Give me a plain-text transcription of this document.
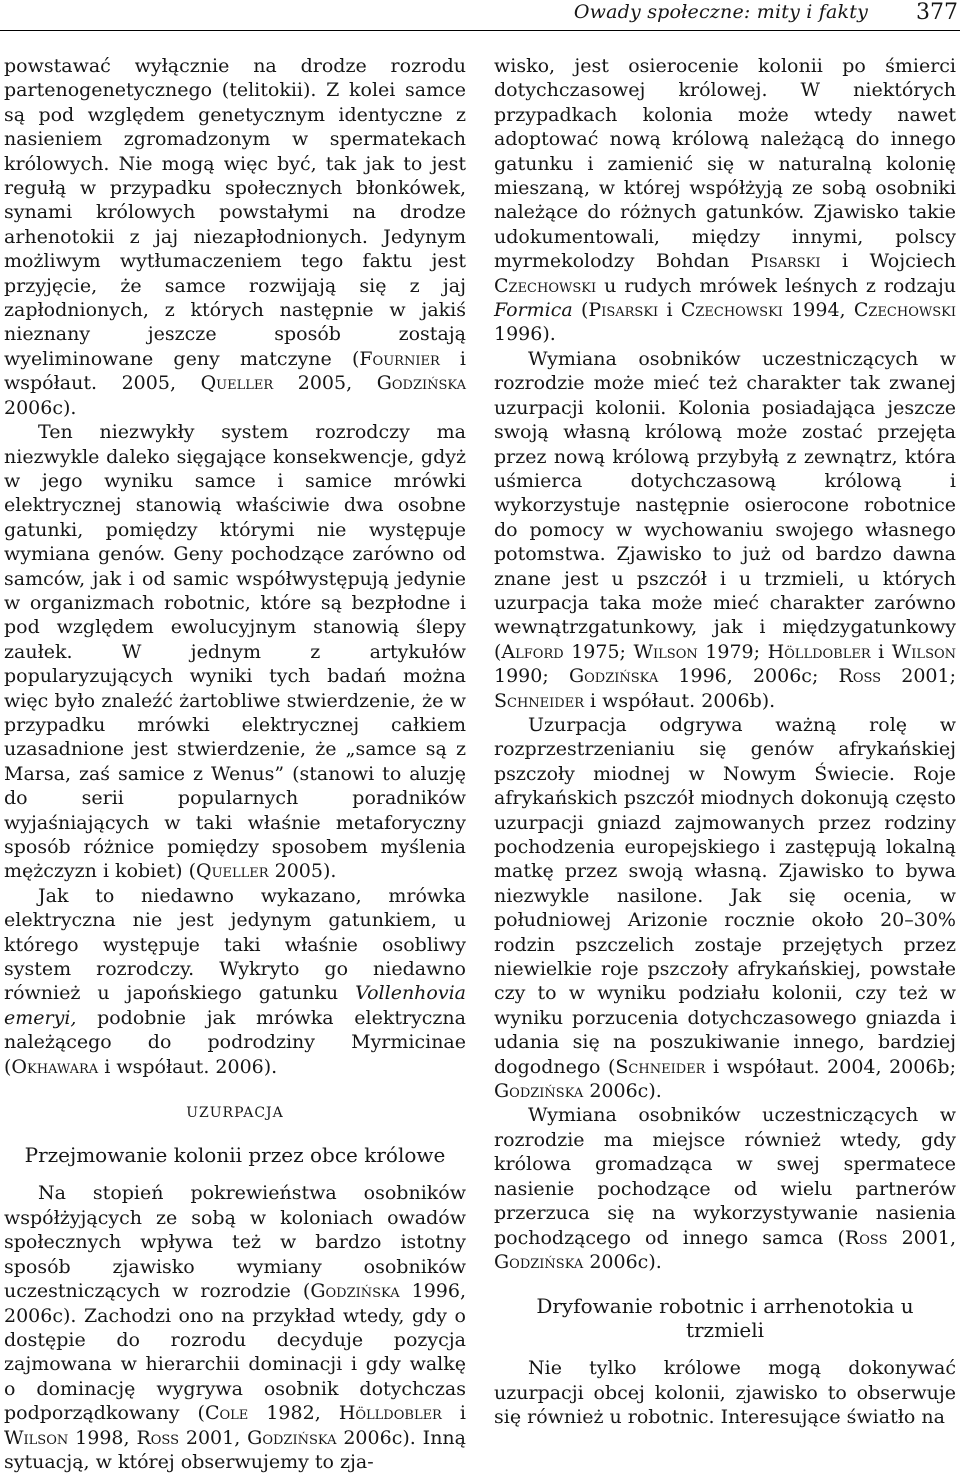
Owady społeczne: mity i fakty 377

powstawać wyłącznie na drodze rozrodu partenogenetycznego (telitokii). Z kolei samce są pod względem genetycznym identyczne z nasieniem zgromadzonym w spermatekach królowych. Nie mogą więc być, tak jak to jest regułą w przypadku społecznych błonkówek, synami królowych powstałymi na drodze arhenotokii z jaj niezapłodnionych. Jedynym możliwym wytłumaczeniem tego faktu jest przyjęcie, że samce rozwijają się z jaj zapłodnionych, z których następnie w jakiś nieznany jeszcze sposób zostają wyeliminowane geny matczyne (Fournier i współaut. 2005, Queller 2005, Godzińska 2006c).

Ten niezwykły system rozrodczy ma niezwykle daleko sięgające konsekwencje, gdyż w jego wyniku samce i samice mrówki elektrycznej stanowią właściwie dwa osobne gatunki, pomiędzy którymi nie występuje wymiana genów. Geny pochodzące zarówno od samców, jak i od samic współwystępują jedynie w organizmach robotnic, które są bezpłodne i pod względem ewolucyjnym stanowią ślepy zaułek. W jednym z artykułów popularyzujących wyniki tych badań można więc było znaleźć żartobliwe stwierdzenie, że w przypadku mrówki elektrycznej całkiem uzasadnione jest stwierdzenie, że „samce są z Marsa, zaś samice z Wenus” (stanowi to aluzję do serii popularnych poradników wyjaśniających w taki właśnie metaforyczny sposób różnice pomiędzy sposobem myślenia mężczyzn i kobiet) (Queller 2005).

Jak to niedawno wykazano, mrówka elektryczna nie jest jedynym gatunkiem, u którego występuje taki właśnie osobliwy system rozrodczy. Wykryto go niedawno również u japońskiego gatunku Vollenhovia emeryi, podobnie jak mrówka elektryczna należącego do podrodziny Myrmicinae (Okhawara i współaut. 2006).

UZURPACJA
Przejmowanie kolonii przez obce królowe

Na stopień pokrewieństwa osobników współżyjących ze sobą w koloniach owadów społecznych wpływa też w bardzo istotny sposób zjawisko wymiany osobników uczestniczących w rozrodzie (Godzińska 1996, 2006c). Zachodzi ono na przykład wtedy, gdy o dostępie do rozrodu decyduje pozycja zajmowana w hierarchii dominacji i gdy walkę o dominację wygrywa osobnik dotychczas podporządkowany (Cole 1982, Hölldobler i Wilson 1998, Ross 2001, Godzińska 2006c). Inną sytuacją, w której obserwujemy to zja-

wisko, jest osierocenie kolonii po śmierci dotychczasowej królowej. W niektórych przypadkach kolonia może wtedy nawet adoptować nową królową należącą do innego gatunku i zamienić się w naturalną kolonię mieszaną, w której współżyją ze sobą osobniki należące do różnych gatunków. Zjawisko takie udokumentowali, między innymi, polscy myrmekolodzy Bohdan Pisarski i Wojciech Czechowski u rudych mrówek leśnych z rodzaju Formica (Pisarski i Czechowski 1994, Czechowski 1996).

Wymiana osobników uczestniczących w rozrodzie może mieć też charakter tak zwanej uzurpacji kolonii. Kolonia posiadająca jeszcze swoją własną królową może zostać przejęta przez nową królową przybyłą z zewnątrz, która uśmierca dotychczasową królową i wykorzystuje następnie osierocone robotnice do pomocy w wychowaniu swojego własnego potomstwa. Zjawisko to już od bardzo dawna znane jest u pszczół i u trzmieli, u których uzurpacja taka może mieć charakter zarówno wewnątrzgatunkowy, jak i międzygatunkowy (Alford 1975; Wilson 1979; Hölldobler i Wilson 1990; Godzińska 1996, 2006c; Ross 2001; Schneider i współaut. 2006b).

Uzurpacja odgrywa ważną rolę w rozprzestrzenianiu się genów afrykańskiej pszczoły miodnej w Nowym Świecie. Roje afrykańskich pszczół miodnych dokonują często uzurpacji gniazd zajmowanych przez rodziny pochodzenia europejskiego i zastępują lokalną matkę przez swoją własną. Zjawisko to bywa niezwykle nasilone. Jak się ocenia, w południowej Arizonie rocznie około 20–30% rodzin pszczelich zostaje przejętych przez niewielkie roje pszczoły afrykańskiej, powstałe czy to w wyniku podziału kolonii, czy też w wyniku porzucenia dotychczasowego gniazda i udania się na poszukiwanie innego, bardziej dogodnego (Schneider i współaut. 2004, 2006b; Godzińska 2006c).

Wymiana osobników uczestniczących w rozrodzie ma miejsce również wtedy, gdy królowa gromadząca w swej spermatece nasienie pochodzące od wielu partnerów przerzuca się na wykorzystywanie nasienia pochodzącego od innego samca (Ross 2001, Godzińska 2006c).

Dryfowanie robotnic i arrhenotokia u trzmieli

Nie tylko królowe mogą dokonywać uzurpacji obcej kolonii, zjawisko to obserwuje się również u robotnic. Interesujące światło na
